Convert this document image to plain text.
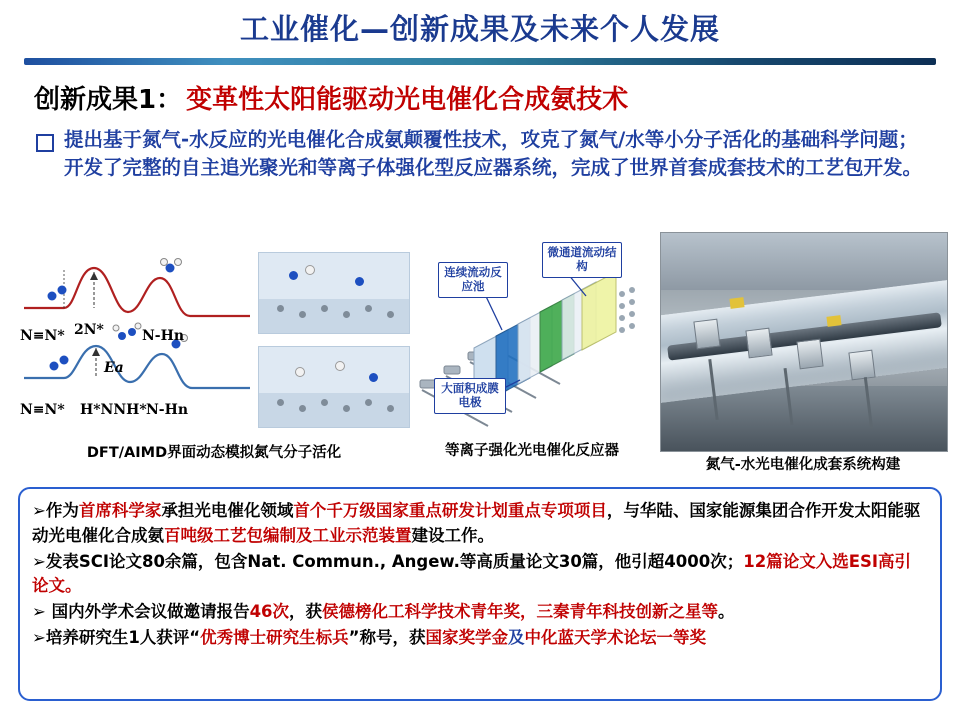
工业催化—创新成果及未来个人发展
创新成果1： 变革性太阳能驱动光电催化合成氨技术
提出基于氮气-水反应的光电催化合成氨颠覆性技术，攻克了氮气/水等小分子活化的基础科学问题； 开发了完整的自主追光聚光和等离子体强化型反应器系统，完成了世界首套成套技术的工艺包开发。
N≡N* 2N*	N-Hn
Ea
N≡N* H*NNH* N-Hn
DFT/AIMD界面动态模拟氮气分子活化
微通道流动结构
连续流动反应池
大面积成膜电极
等离子强化光电催化反应器
氮气-水光电催化成套系统构建
➢作为首席科学家承担光电催化领域首个千万级国家重点研发计划重点专项项目，与华陆、国家能源集团合作开发太阳能驱动光电催化合成氨百吨级工艺包编制及工业示范装置建设工作。
➢发表SCI论文80余篇，包含Nat. Commun., Angew.等高质量论文30篇，他引超4000次；12篇论文入选ESI高引论文。
➢ 国内外学术会议做邀请报告46次，获侯德榜化工科学技术青年奖，三秦青年科技创新之星等。
➢培养研究生1人获评“优秀博士研究生标兵”称号，获国家奖学金及中化蓝天学术论坛一等奖
